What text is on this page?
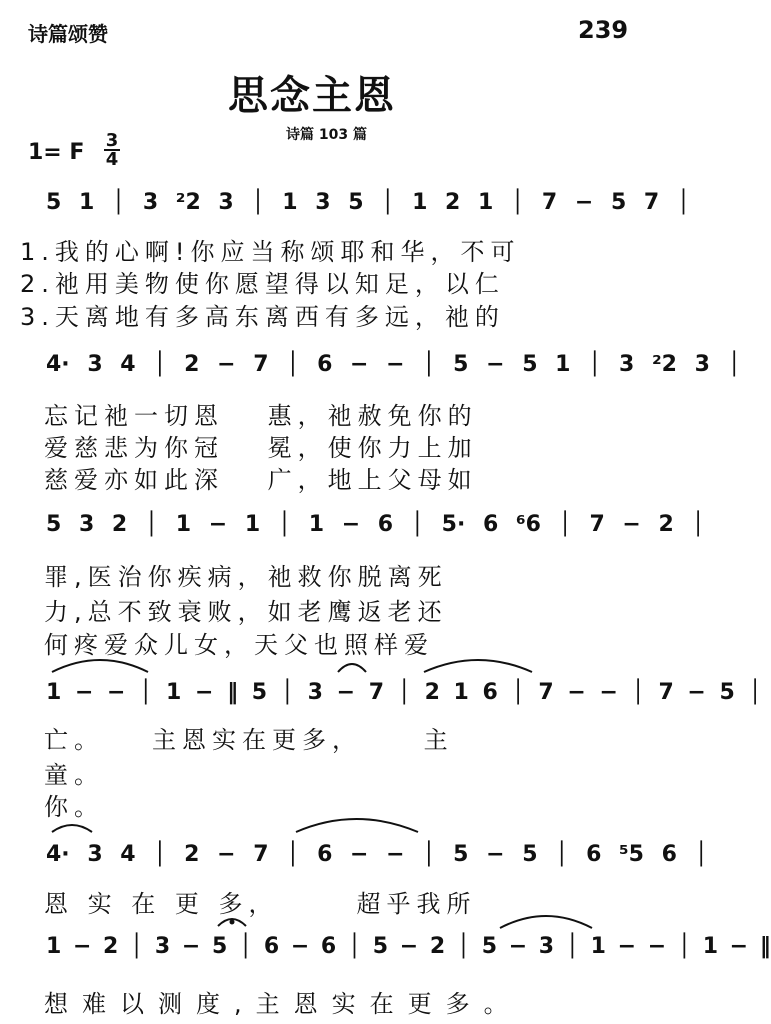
诗篇颂赞	239
思念主恩
诗篇 103 篇
1= F 3
4
5 1 │ 3 ²2 3 │ 1 3 5 │ 1 2 1 │ 7 − 5 7 │
1.我的心啊!你应当称颂耶和华，不可
2.祂用美物使你愿望得以知足，以仁
3.天离地有多高东离西有多远，祂的
4· 3 4 │ 2 − 7 │ 6 − − │ 5 − 5 1 │ 3 ²2 3 │
忘记祂一切恩　 惠，祂赦免你的
爱慈悲为你冠　 冕，使你力上加
慈爱亦如此深　 广，地上父母如
5 3 2 │ 1 − 1 │ 1 − 6 │ 5· 6 ⁶6 │ 7 − 2 │
罪,医治你疾病，祂救你脱离死
力,总不致衰败，如老鹰返老还
何疼爱众儿女，天父也照样爱
1 − − │ 1 − ‖ 5 │ 3 − 7 │ 2 1 6 │ 7 − − │ 7 − 5 │
亡。　　主恩实在更多，　　 主
童。
你。
4· 3 4 │ 2 − 7 │ 6 − − │ 5 − 5 │ 6 ⁵5 6 │
恩 实 在 更 多，　　　超乎我所
1 − 2 │ 3 − 5 │ 6 − 6 │ 5 − 2 │ 5 − 3 │ 1 − − │ 1 − ‖
想难以测度,主恩实在更多。
